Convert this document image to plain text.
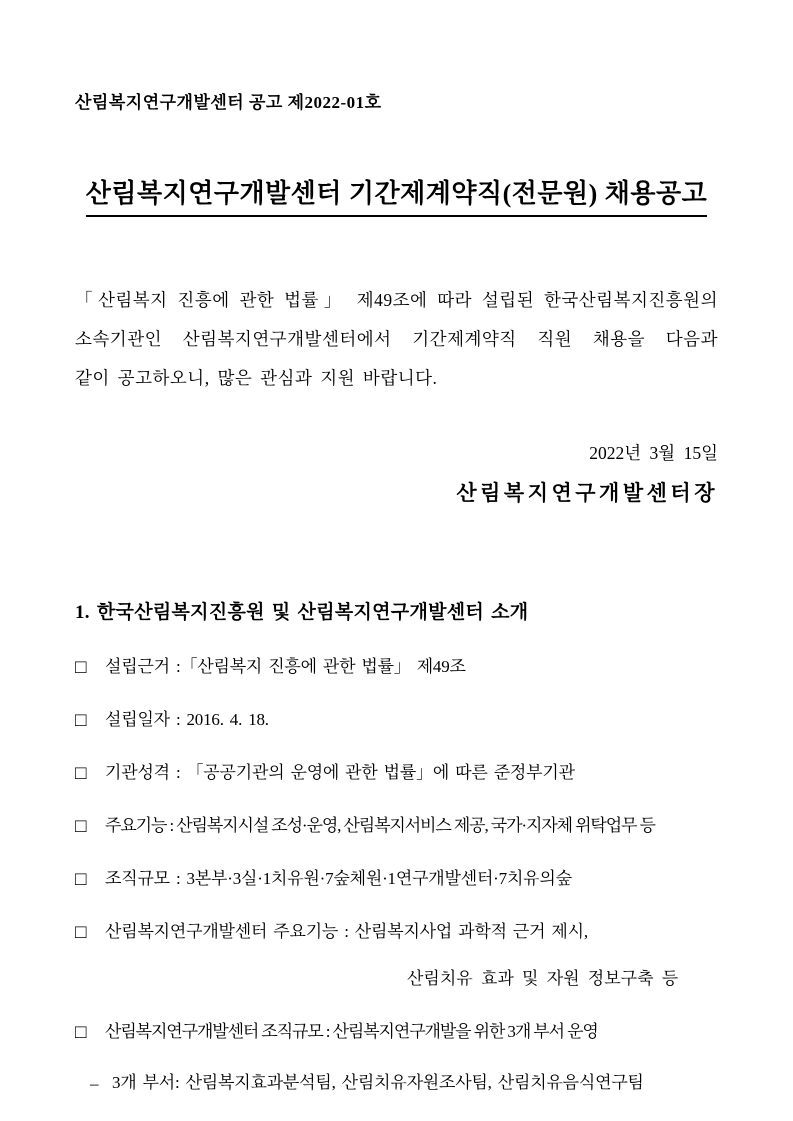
산림복지연구개발센터 공고 제2022-01호
산림복지연구개발센터 기간제계약직(전문원) 채용공고
「산림복지 진흥에 관한 법률」 제49조에 따라 설립된 한국산림복지진흥원의
소속기관인 산림복지연구개발센터에서 기간제계약직 직원 채용을 다음과
같이 공고하오니, 많은 관심과 지원 바랍니다.
2022년 3월 15일
산림복지연구개발센터장
1. 한국산림복지진흥원 및 산림복지연구개발센터 소개
□	설립근거 :「산림복지 진흥에 관한 법률」 제49조
□	설립일자 : 2016. 4. 18.
□	기관성격 : 「공공기관의 운영에 관한 법률」에 따른 준정부기관
□	주요기능 : 산림복지시설 조성·운영, 산림복지서비스 제공, 국가·지자체 위탁업무 등
□	조직규모 : 3본부·3실·1치유원·7숲체원·1연구개발센터·7치유의숲
□	산림복지연구개발센터 주요기능 : 산림복지사업 과학적 근거 제시,
산림치유 효과 및 자원 정보구축 등
□	산림복지연구개발센터 조직규모 : 산림복지연구개발을 위한 3개 부서 운영
– 3개 부서: 산림복지효과분석팀, 산림치유자원조사팀, 산림치유음식연구팀
